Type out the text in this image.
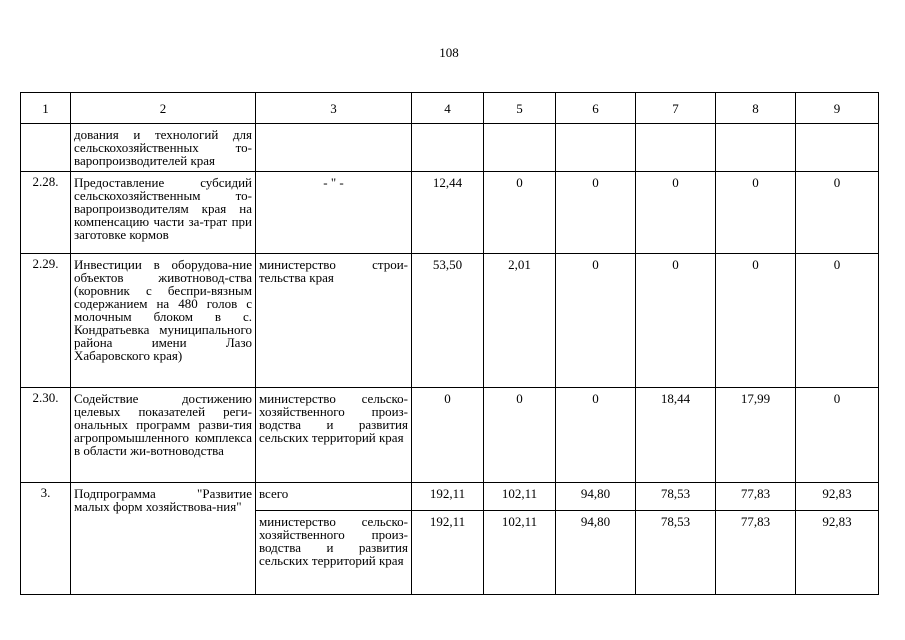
108
1	2	3	4	5	6	7	8	9
	дования и технологий для сельскохозяйственных то-варопроизводителей края							
2.28.	Предоставление субсидий сельскохозяйственным то-варопроизводителям края на компенсацию части за-трат при заготовке кормов	- " -	12,44	0	0	0	0	0
2.29.	Инвестиции в оборудова-ние объектов животновод-ства (коровник с беспри-вязным содержанием на 480 голов с молочным блоком в с. Кондратьевка муниципального района имени Лазо Хабаровского края)	министерство строи-тельства края	53,50	2,01	0	0	0	0
2.30.	Содействие достижению целевых показателей реги-ональных программ разви-тия агропромышленного комплекса в области жи-вотноводства	министерство сельско-хозяйственного произ-водства и развития сельских территорий края	0	0	0	18,44	17,99	0
3.	Подпрограмма "Развитие малых форм хозяйствова-ния"	всего	192,11	102,11	94,80	78,53	77,83	92,83
		министерство сельско-хозяйственного произ-водства и развития сельских территорий края	192,11	102,11	94,80	78,53	77,83	92,83
